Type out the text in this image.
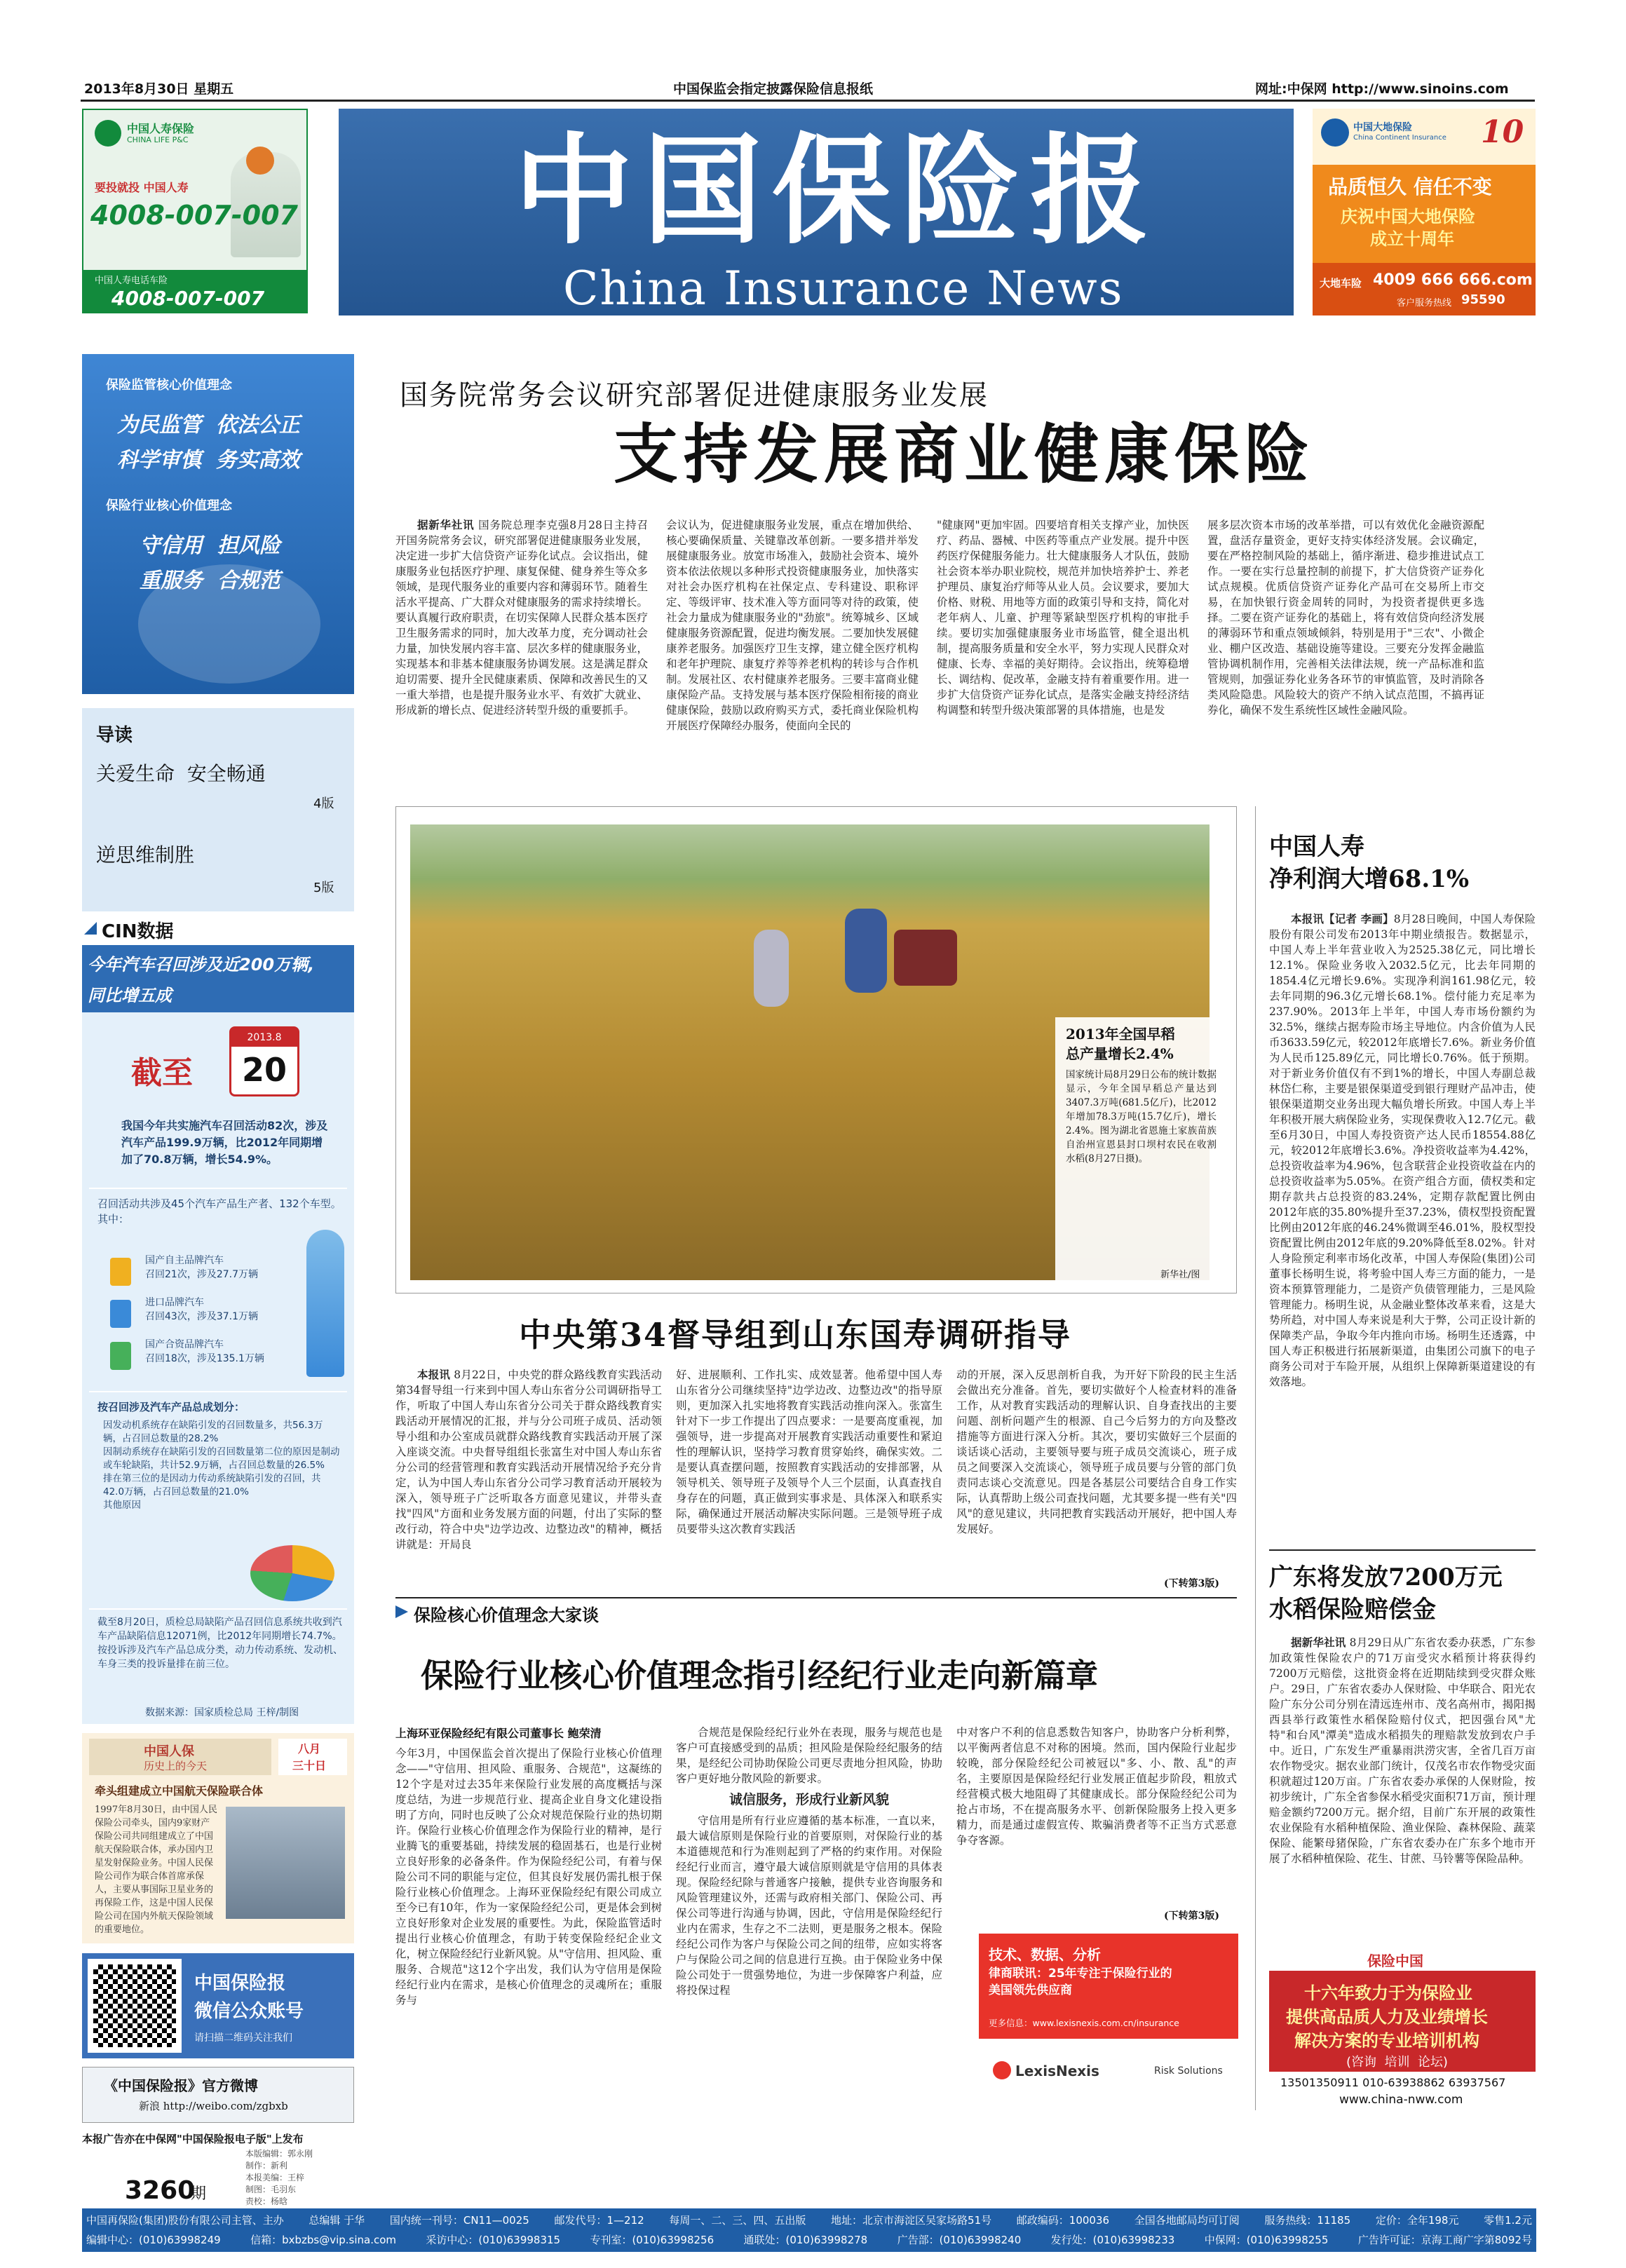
2013年8月30日 星期五	中国保监会指定披露保险信息报纸	网址:中保网 http://www.sinoins.com
中国人寿保险
CHINA LIFE P&C
要投就投 中国人寿
4008-007-007
中国人寿电话车险
4008-007-007
中国保险报
China Insurance News
中国大地保险
China Continent Insurance 10
品质恒久 信任不变
庆祝中国大地保险
成立十周年
大地车险 4009 666 666.com
客户服务热线 95590
保险监管核心价值理念
为民监管  依法公正
科学审慎  务实高效
保险行业核心价值理念
守信用  担风险
重服务  合规范
导读
关爱生命  安全畅通
4版
逆思维制胜
5版
CIN数据
今年汽车召回涉及近200万辆,
同比增五成
截至
2013.8
20
我国今年共实施汽车召回活动82次，涉及汽车产品199.9万辆，比2012年同期增加了70.8万辆，增长54.9%。
召回活动共涉及45个汽车产品生产者、132个车型。其中：
国产自主品牌汽车
召回21次，涉及27.7万辆
进口品牌汽车
召回43次，涉及37.1万辆
国产合资品牌汽车
召回18次，涉及135.1万辆
按召回涉及汽车产品总成划分：
因发动机系统存在缺陷引发的召回数量多，共56.3万辆，占召回总数量的28.2%
因制动系统存在缺陷引发的召回数量第二位的原因是制动或车轮缺陷，共计52.9万辆，占召回总数量的26.5%
排在第三位的是因动力传动系统缺陷引发的召回，共42.0万辆，占召回总数量的21.0%
其他原因
截至8月20日，质检总局缺陷产品召回信息系统共收到汽车产品缺陷信息12071例，比2012年同期增长74.7%。按投诉涉及汽车产品总成分类，动力传动系统、发动机、车身三类的投诉量排在前三位。
数据来源：国家质检总局 王梓/制图
中国人保
历史上的今天
八月
三十日
牵头组建成立中国航天保险联合体
1997年8月30日，由中国人民保险公司牵头，国内9家财产保险公司共同组建成立了中国航天保险联合体，承办国内卫星发射保险业务。中国人民保险公司作为联合体首席承保人，主要从事国际卫星业务的再保险工作，这是中国人民保险公司在国内外航天保险领域的重要地位。
中国保险报
微信公众账号
请扫描二维码关注我们
《中国保险报》官方微博
新浪 http://weibo.com/zgbxb
本报广告亦在中保网"中国保险报电子版"上发布
3260
期
本版编辑：郭永刚
制作：新利
本报美编：王梓
制图：毛羽东
责校：杨晗
国务院常务会议研究部署促进健康服务业发展
支持发展商业健康保险

据新华社讯 国务院总理李克强8月28日主持召开国务院常务会议，研究部署促进健康服务业发展，决定进一步扩大信贷资产证券化试点。会议指出，健康服务业包括医疗护理、康复保健、健身养生等众多领域，是现代服务业的重要内容和薄弱环节。随着生活水平提高、广大群众对健康服务的需求持续增长。要认真履行政府职责，在切实保障人民群众基本医疗卫生服务需求的同时，加大改革力度，充分调动社会力量，加快发展内容丰富、层次多样的健康服务业，实现基本和非基本健康服务协调发展。这是满足群众迫切需要、提升全民健康素质、保障和改善民生的又一重大举措，也是提升服务业水平、有效扩大就业、形成新的增长点、促进经济转型升级的重要抓手。

会议认为，促进健康服务业发展，重点在增加供给、核心要确保质量、关键靠改革创新。一要多措并举发展健康服务业。放宽市场准入，鼓励社会资本、境外资本依法依规以多种形式投资健康服务业，加快落实对社会办医疗机构在社保定点、专科建设、职称评定、等级评审、技术准入等方面同等对待的政策，使社会力量成为健康服务业的"劲旅"。统筹城乡、区域健康服务资源配置，促进均衡发展。二要加快发展健康养老服务。加强医疗卫生支撑，建立健全医疗机构和老年护理院、康复疗养等养老机构的转诊与合作机制。发展社区、农村健康养老服务。三要丰富商业健康保险产品。支持发展与基本医疗保险相衔接的商业健康保险，鼓励以政府购买方式，委托商业保险机构开展医疗保障经办服务，使面向全民的
"健康网"更加牢固。四要培育相关支撑产业，加快医疗、药品、器械、中医药等重点产业发展。提升中医药医疗保健服务能力。壮大健康服务人才队伍，鼓励社会资本举办职业院校，规范并加快培养护士、养老护理员、康复治疗师等从业人员。会议要求，要加大价格、财税、用地等方面的政策引导和支持，简化对老年病人、儿童、护理等紧缺型医疗机构的审批手续。要切实加强健康服务业市场监管，健全退出机制，提高服务质量和安全水平，努力实现人民群众对健康、长寿、幸福的美好期待。会议指出，统筹稳增长、调结构、促改革，金融支持有着重要作用。进一步扩大信贷资产证券化试点，是落实金融支持经济结构调整和转型升级决策部署的具体措施，也是发
展多层次资本市场的改革举措，可以有效优化金融资源配置，盘活存量资金，更好支持实体经济发展。会议确定，要在严格控制风险的基础上，循序渐进、稳步推进试点工作。一要在实行总量控制的前提下，扩大信贷资产证券化试点规模。优质信贷资产证券化产品可在交易所上市交易，在加快银行资金周转的同时，为投资者提供更多选择。二要在资产证券化的基础上，将有效信贷向经济发展的薄弱环节和重点领域倾斜，特别是用于"三农"、小微企业、棚户区改造、基础设施等建设。三要充分发挥金融监管协调机制作用，完善相关法律法规，统一产品标准和监管规则，加强证券化业务各环节的审慎监管，及时消除各类风险隐患。风险较大的资产不纳入试点范围，不搞再证券化，确保不发生系统性区域性金融风险。
2013年全国早稻
总产量增长2.4%
国家统计局8月29日公布的统计数据显示，今年全国早稻总产量达到3407.3万吨(681.5亿斤)，比2012年增加78.3万吨(15.7亿斤)，增长2.4%。图为湖北省恩施土家族苗族自治州宣恩县封口坝村农民在收割水稻(8月27日摄)。
新华社/图
中央第34督导组到山东国寿调研指导

本报讯 8月22日，中央党的群众路线教育实践活动第34督导组一行来到中国人寿山东省分公司调研指导工作，听取了中国人寿山东省分公司关于群众路线教育实践活动开展情况的汇报，并与分公司班子成员、活动领导小组和办公室成员就群众路线教育实践活动开展了深入座谈交流。中央督导组组长张富生对中国人寿山东省分公司的经营管理和教育实践活动开展情况给予充分肯定，认为中国人寿山东省分公司学习教育活动开展较为深入，领导班子广泛听取各方面意见建议，并带头查找"四风"方面和业务发展方面的问题，付出了实际的整改行动，符合中央"边学边改、边整边改"的精神，概括讲就是：开局良

好、进展顺利、工作扎实、成效显著。他希望中国人寿山东省分公司继续坚持"边学边改、边整边改"的指导原则，更加深入扎实地将教育实践活动推向深入。张富生针对下一步工作提出了四点要求：一是要高度重视，加强领导，进一步提高对开展教育实践活动重要性和紧迫性的理解认识，坚持学习教育贯穿始终，确保实效。二是要认真查摆问题，按照教育实践活动的安排部署，从领导机关、领导班子及领导个人三个层面，认真查找自身存在的问题，真正做到实事求是、具体深入和联系实际，确保通过开展活动解决实际问题。三是领导班子成员要带头这次教育实践活
动的开展，深入反思剖析自我，为开好下阶段的民主生活会做出充分准备。首先，要切实做好个人检查材料的准备工作，从对教育实践活动的理解认识、自身查找出的主要问题、剖析问题产生的根源、自己今后努力的方向及整改措施等方面进行深入分析。其次，要切实做好三个层面的谈话谈心活动，主要领导要与班子成员交流谈心，班子成员之间要深入交流谈心，领导班子成员要与分管的部门负责同志谈心交流意见。四是各基层公司要结合自身工作实际，认真帮助上级公司查找问题，尤其要多提一些有关"四风"的意见建议，共同把教育实践活动开展好，把中国人寿发展好。
(下转第3版)
保险核心价值理念大家谈
保险行业核心价值理念指引经纪行业走向新篇章
上海环亚保险经纪有限公司董事长 鲍荣清
今年3月，中国保监会首次提出了保险行业核心价值理念——"守信用、担风险、重服务、合规范"，这凝练的12个字是对过去35年来保险行业发展的高度概括与深度总结，为进一步规范行业、提高企业自身文化建设指明了方向，同时也反映了公众对规范保险行业的热切期许。保险行业核心价值理念作为保险行业的精神，是行业腾飞的重要基础，持续发展的稳固基石，也是行业树立良好形象的必备条件。作为保险经纪公司，有着与保险公司不同的职能与定位，但其良好发展仍需扎根于保险行业核心价值理念。上海环亚保险经纪有限公司成立至今已有10年，作为一家保险经纪公司，更是体会到树立良好形象对企业发展的重要性。为此，保险监管适时提出行业核心价值理念，有助于转变保险经纪企业文化，树立保险经纪行业新风貌。从"守信用、担风险、重服务、合规范"这12个字出发，我们认为守信用是保险经纪行业内在需求，是核心价值理念的灵魂所在；重服务与

合规范是保险经纪行业外在表现，服务与规范也是客户可直接感受到的品质；担风险是保险经纪服务的结果，是经纪公司协助保险公司更尽责地分担风险，协助客户更好地分散风险的新要求。

诚信服务，形成行业新风貌

守信用是所有行业应遵循的基本标准，一直以来，最大诚信原则是保险行业的首要原则，对保险行业的基本道德规范和行为准则起到了严格的约束作用。对保险经纪行业而言，遵守最大诚信原则就是守信用的具体表现。保险经纪除与普通客户接触，提供专业咨询服务和风险管理建议外，还需与政府相关部门、保险公司、再保公司等进行沟通与协调，因此，守信用是保险经纪行业内在需求，生存之不二法则，更是服务之根本。保险经纪公司作为客户与保险公司之间的纽带，应如实将客户与保险公司之间的信息进行互换。由于保险业务中保险公司处于一贯强势地位，为进一步保障客户利益，应将投保过程

中对客户不利的信息悉数告知客户，协助客户分析利弊，以平衡两者信息不对称的困境。然而，国内保险行业起步较晚，部分保险经纪公司被冠以"多、小、散、乱"的声名，主要原因是保险经纪行业发展正值起步阶段，粗放式经营模式极大地阻碍了其健康成长。部分保险经纪公司为抢占市场，不在提高服务水平、创新保险服务上投入更多精力，而是通过虚假宣传、欺骗消费者等不正当方式恶意争夺客源。
(下转第3版)
技术、数据、分析
律商联讯：25年专注于保险行业的
美国领先供应商
更多信息：www.lexisnexis.com.cn/insurance
LexisNexis	Risk Solutions
中国人寿
净利润大增68.1%

本报讯【记者 李画】8月28日晚间，中国人寿保险股份有限公司发布2013年中期业绩报告。数据显示，中国人寿上半年营业收入为2525.38亿元，同比增长12.1%。保险业务收入2032.5亿元，比去年同期的1854.4亿元增长9.6%。实现净利润161.98亿元，较去年同期的96.3亿元增长68.1%。偿付能力充足率为237.90%。2013年上半年，中国人寿市场份额约为32.5%，继续占据寿险市场主导地位。内含价值为人民币3633.59亿元，较2012年底增长7.6%。新业务价值为人民币125.89亿元，同比增长0.76%。低于预期。对于新业务价值仅有不到1%的增长，中国人寿副总裁林岱仁称，主要是银保渠道受到银行理财产品冲击，使银保渠道期交业务出现大幅负增长所致。中国人寿上半年积极开展大病保险业务，实现保费收入12.7亿元。截至6月30日，中国人寿投资资产达人民币18554.88亿元，较2012年底增长3.6%。净投资收益率为4.42%，总投资收益率为4.96%，包含联营企业投资收益在内的总投资收益率为5.05%。在资产组合方面，债权类和定期存款共占总投资的83.24%，定期存款配置比例由2012年底的35.80%提升至37.23%，债权型投资配置比例由2012年底的46.24%微调至46.01%，股权型投资配置比例由2012年底的9.20%降低至8.02%。针对人身险预定利率市场化改革，中国人寿保险(集团)公司董事长杨明生说，将考验中国人寿三方面的能力，一是资本预算管理能力，二是资产负债管理能力，三是风险管理能力。杨明生说，从金融业整体改革来看，这是大势所趋，对中国人寿来说是利大于弊，公司正设计新的保障类产品，争取今年内推向市场。杨明生还透露，中国人寿正积极进行拓展新渠道，由集团公司旗下的电子商务公司对于车险开展，从组织上保障新渠道建设的有效落地。

广东将发放7200万元
水稻保险赔偿金

据新华社讯 8月29日从广东省农委办获悉，广东参加政策性保险农户的71万亩受灾水稻预计将获得约7200万元赔偿，这批资金将在近期陆续到受灾群众账户。29日，广东省农委办人保财险、中华联合、阳光农险广东分公司分别在清远连州市、茂名高州市，揭阳揭西县举行政策性水稻保险赔付仪式，把因强台风"尤特"和台风"潭美"造成水稻损失的理赔款发放到农户手中。近日，广东发生严重暴雨洪涝灾害，全省几百万亩农作物受灾。据农业部门统计，仅茂名市农作物受灾面积就超过120万亩。广东省农委办承保的人保财险，按初步统计，广东全省参保水稻受灾面积71万亩，预计理赔金额约7200万元。据介绍，目前广东开展的政策性农业保险有水稻种植保险、渔业保险、森林保险、蔬菜保险、能繁母猪保险，广东省农委办在广东多个地市开展了水稻种植保险、花生、甘蔗、马铃薯等保险品种。

保险中国
十六年致力于为保险业
提供高品质人力及业绩增长
解决方案的专业培训机构
(咨询  培训  论坛)
13501350911 010-63938862 63937567
www.china-nww.com
中国再保险(集团)股份有限公司主管、主办 总编辑 于华 国内统一刊号：CN11—0025 邮发代号：1—212 每周一、二、三、四、五出版 地址：北京市海淀区吴家场路51号 邮政编码：100036 全国各地邮局均可订阅 服务热线：11185 定价：全年198元 零售1.2元
编辑中心：(010)63998249	信箱：bxbzbs@vip.sina.com	采访中心：(010)63998315	专刊室：(010)63998256	通联处：(010)63998278	广告部：(010)63998240	发行处：(010)63998233	中保网：(010)63998255	广告许可证：京海工商广字第8092号
